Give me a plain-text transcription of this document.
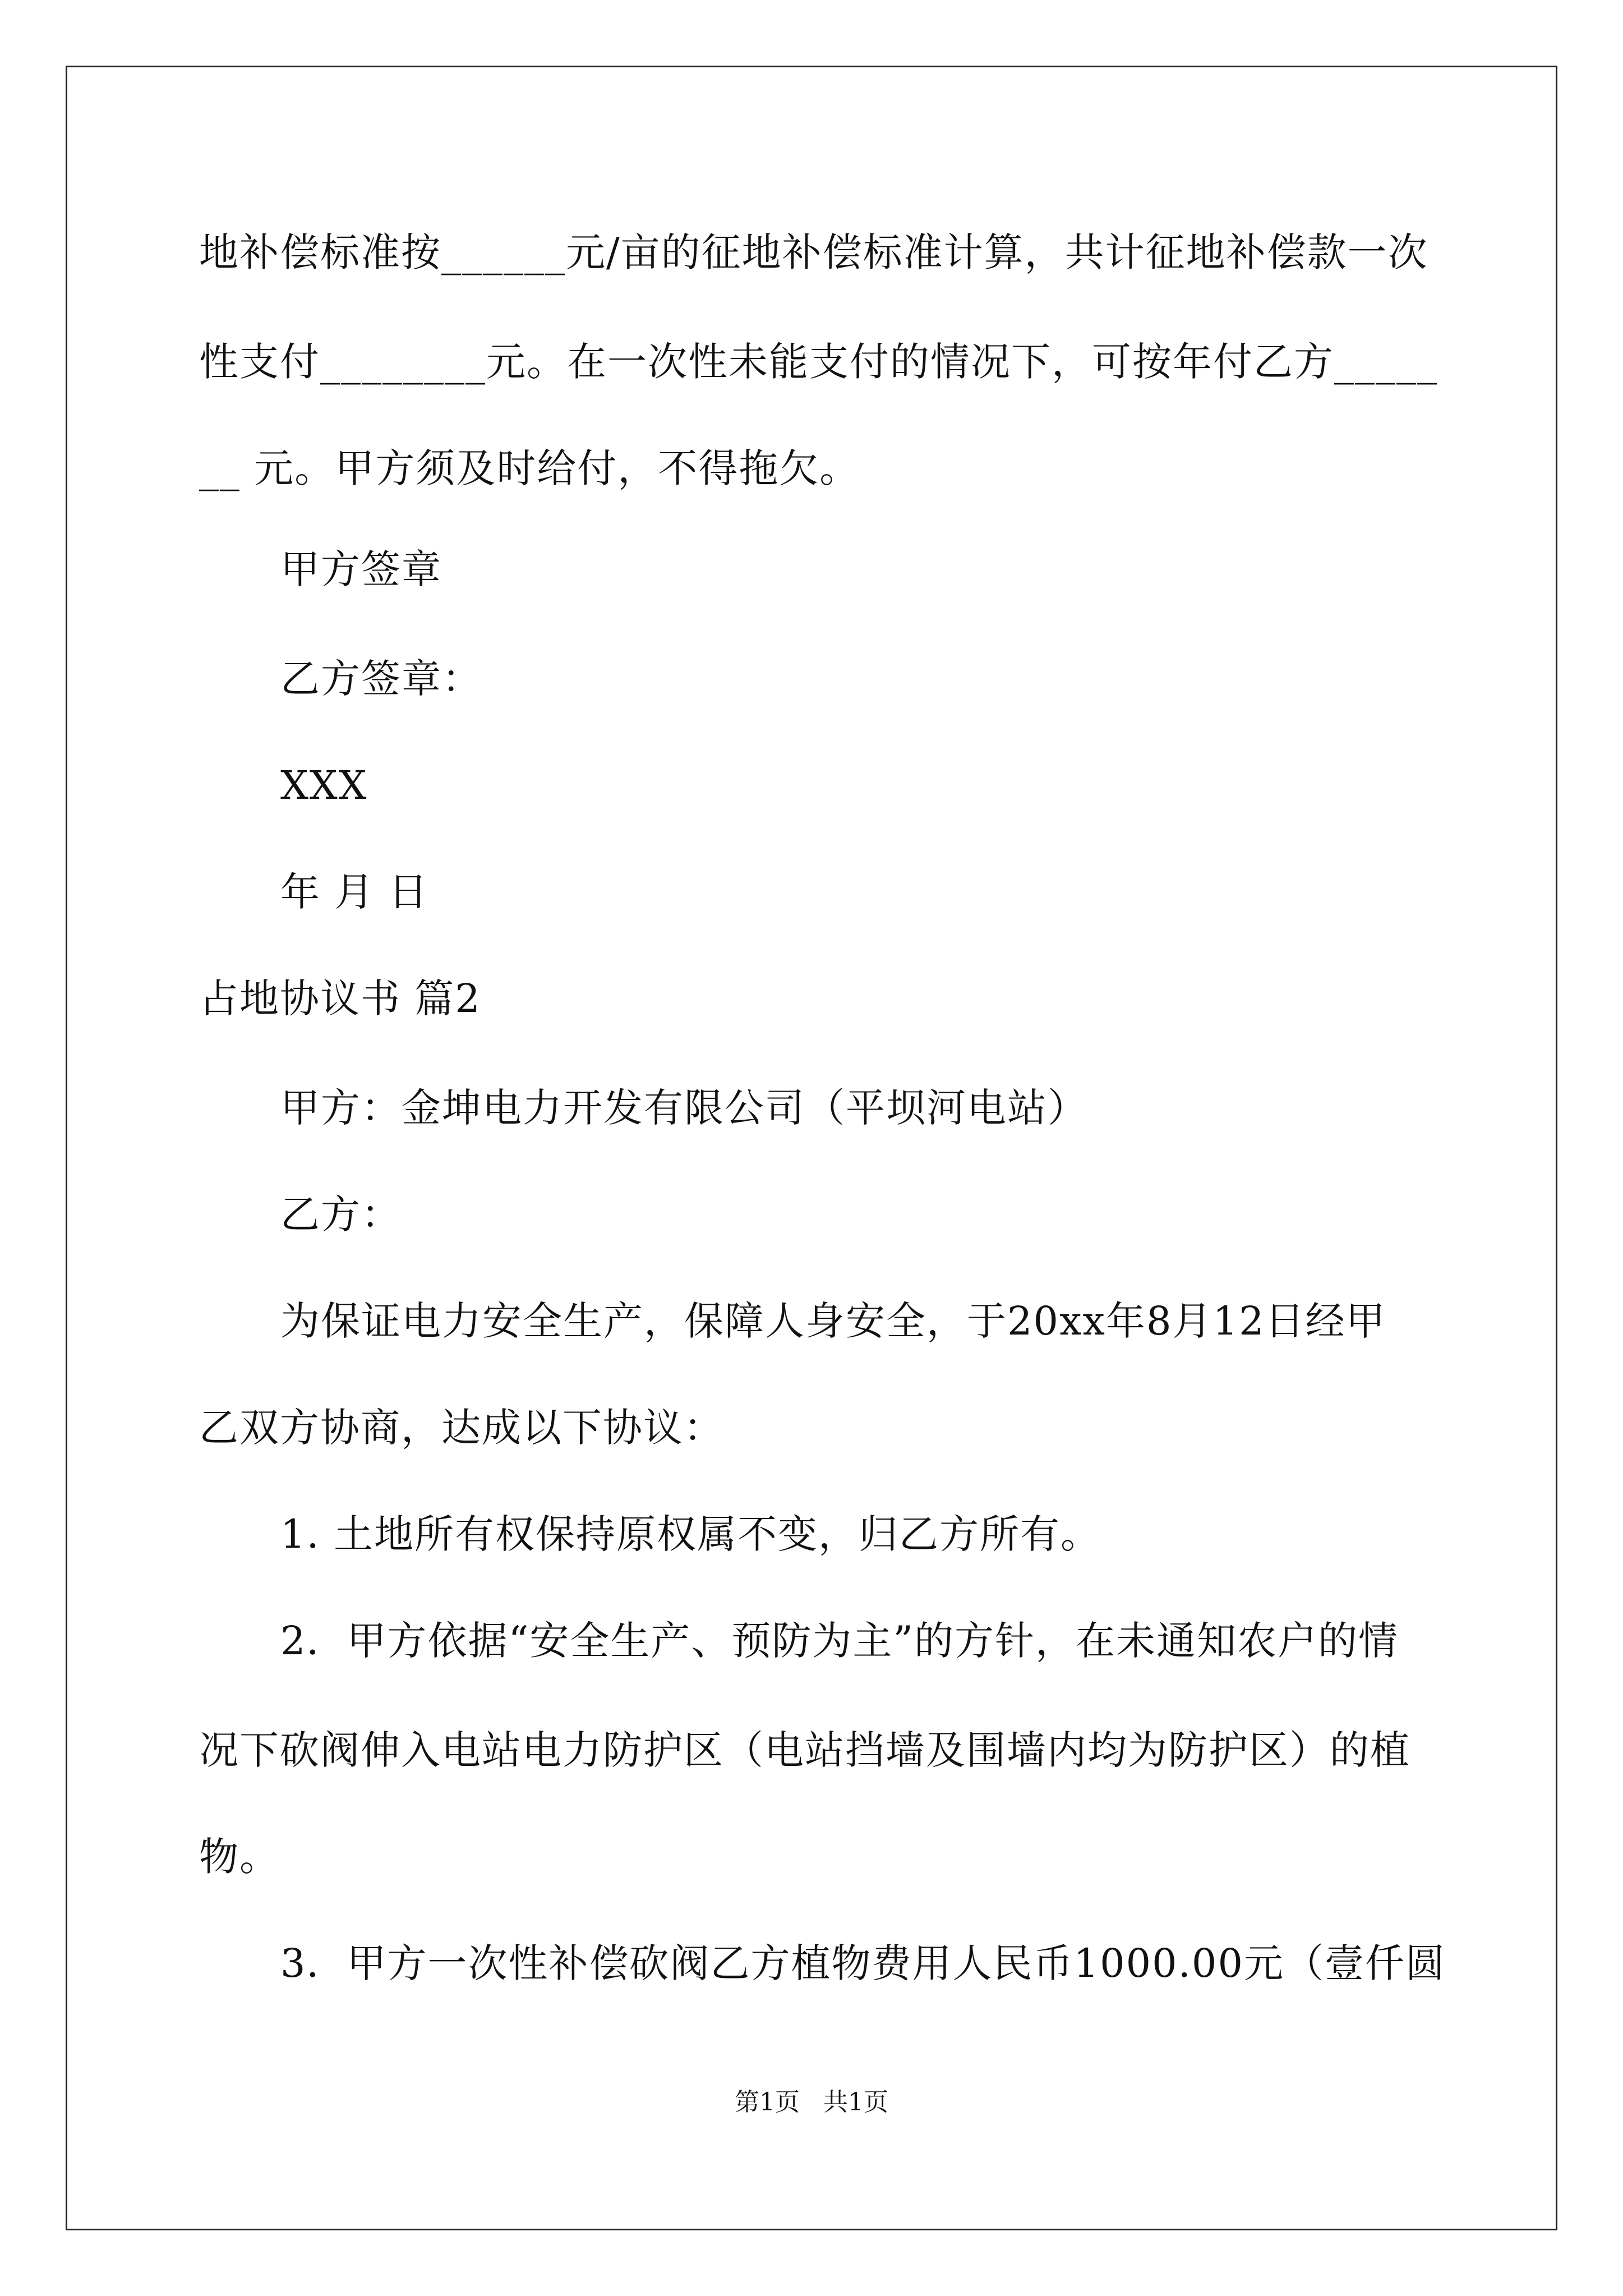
地补偿标准按______元/亩的征地补偿标准计算，共计征地补偿款一次
性支付________元。在一次性未能支付的情况下，可按年付乙方_____
__ 元。甲方须及时给付，不得拖欠。
甲方签章
乙方签章：
XXX
年 月 日
占地协议书 篇2
甲方：金坤电力开发有限公司（平坝河电站）
乙方：
为保证电力安全生产，保障人身安全，于20xx年8月12日经甲
乙双方协商，达成以下协议：
1. 土地所有权保持原权属不变，归乙方所有。
2．甲方依据“安全生产、预防为主”的方针，在未通知农户的情
况下砍阀伸入电站电力防护区（电站挡墙及围墙内均为防护区）的植
物。
3．甲方一次性补偿砍阀乙方植物费用人民币1000.00元（壹仟圆
第1页   共1页
